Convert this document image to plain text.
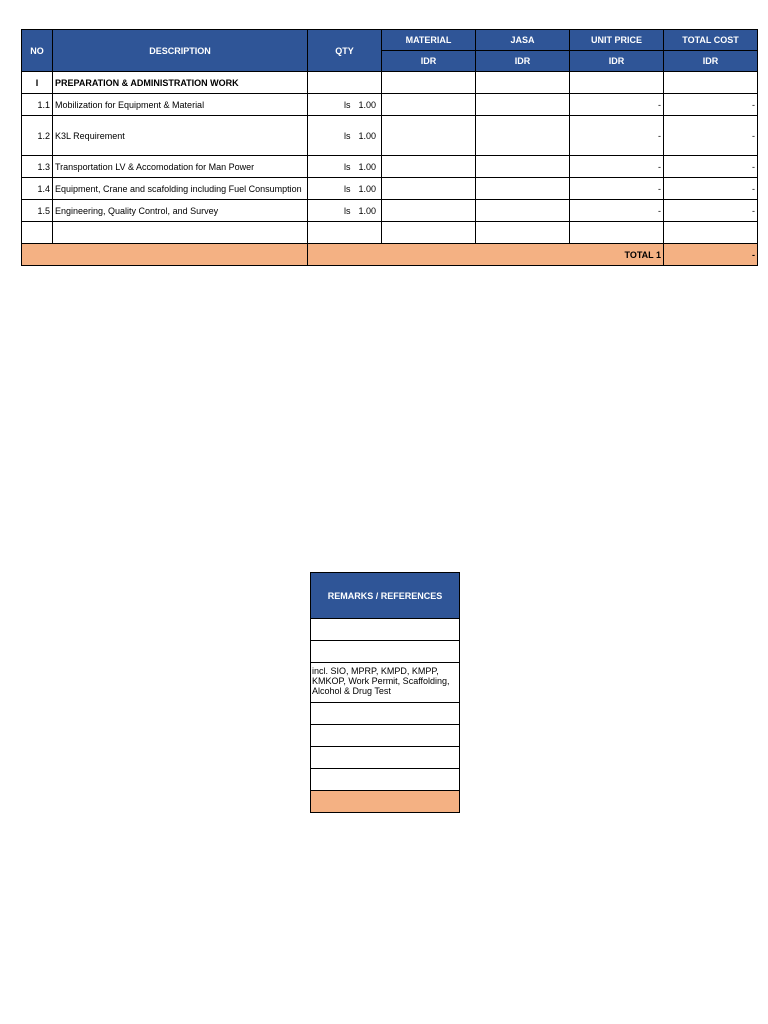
NO	DESCRIPTION	QTY	MATERIAL	JASA	UNIT PRICE	TOTAL COST
			IDR	IDR	IDR	IDR
I	PREPARATION & ADMINISTRATION WORK					
1.1	Mobilization for Equipment & Material	ls 1.00			-	-
1.2	K3L Requirement	ls 1.00			-	-
1.3	Transportation LV & Accomodation for Man Power	ls 1.00			-	-
1.4	Equipment, Crane and scafolding including Fuel Consumption	ls 1.00			-	-
1.5	Engineering, Quality Control, and Survey	ls 1.00			-	-

		TOTAL 1				-
REMARKS / REFERENCES

incl. SIO, MPRP, KMPD, KMPP, KMKOP, Work Permit, Scaffolding, Alcohol & Drug Test
